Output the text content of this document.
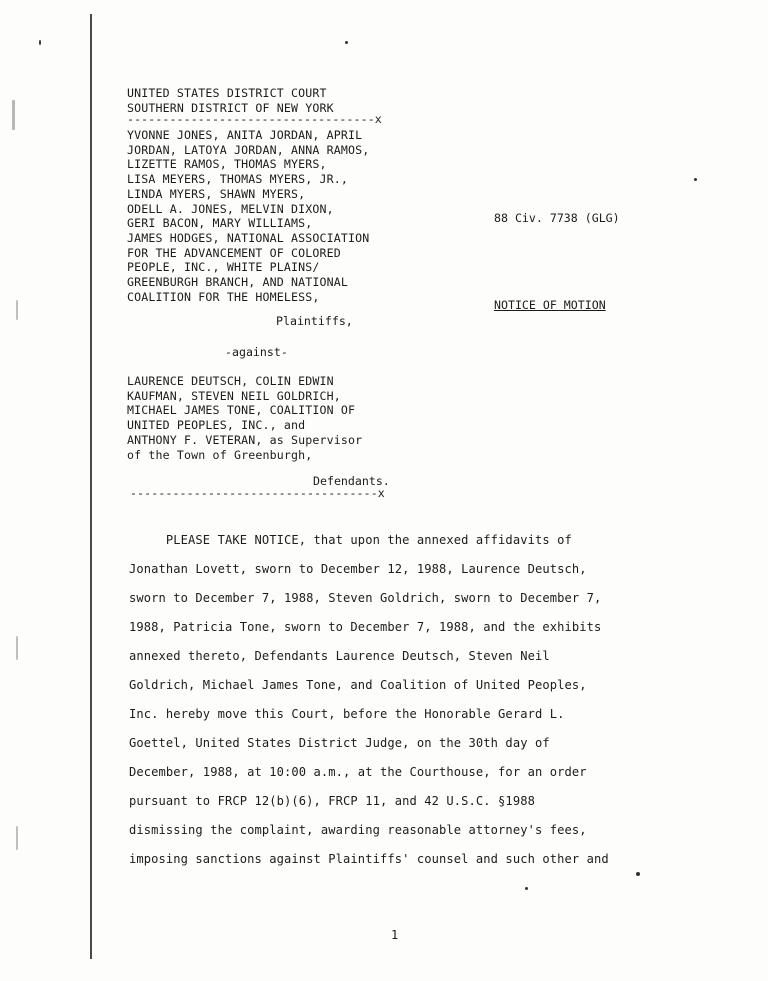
UNITED STATES DISTRICT COURT
SOUTHERN DISTRICT OF NEW YORK
-----------------------------------x
YVONNE JONES, ANITA JORDAN, APRIL
JORDAN, LATOYA JORDAN, ANNA RAMOS,
LIZETTE RAMOS, THOMAS MYERS,
LISA MEYERS, THOMAS MYERS, JR.,
LINDA MYERS, SHAWN MYERS,
ODELL A. JONES, MELVIN DIXON,
GERI BACON, MARY WILLIAMS,
JAMES HODGES, NATIONAL ASSOCIATION
FOR THE ADVANCEMENT OF COLORED
PEOPLE, INC., WHITE PLAINS/
GREENBURGH BRANCH, AND NATIONAL
COALITION FOR THE HOMELESS,
Plaintiffs,
-against-
LAURENCE DEUTSCH, COLIN EDWIN
KAUFMAN, STEVEN NEIL GOLDRICH,
MICHAEL JAMES TONE, COALITION OF
UNITED PEOPLES, INC., and
ANTHONY F. VETERAN, as Supervisor
of the Town of Greenburgh,
Defendants.
-----------------------------------x
88 Civ. 7738 (GLG)
NOTICE OF MOTION
PLEASE TAKE NOTICE, that upon the annexed affidavits of
Jonathan Lovett, sworn to December 12, 1988, Laurence Deutsch,
sworn to December 7, 1988, Steven Goldrich, sworn to December 7,
1988, Patricia Tone, sworn to December 7, 1988, and the exhibits
annexed thereto, Defendants Laurence Deutsch, Steven Neil
Goldrich, Michael James Tone, and Coalition of United Peoples,
Inc. hereby move this Court, before the Honorable Gerard L.
Goettel, United States District Judge, on the 30th day of
December, 1988, at 10:00 a.m., at the Courthouse, for an order
pursuant to FRCP 12(b)(6), FRCP 11, and 42 U.S.C. §1988
dismissing the complaint, awarding reasonable attorney's fees,
imposing sanctions against Plaintiffs' counsel and such other and
1
